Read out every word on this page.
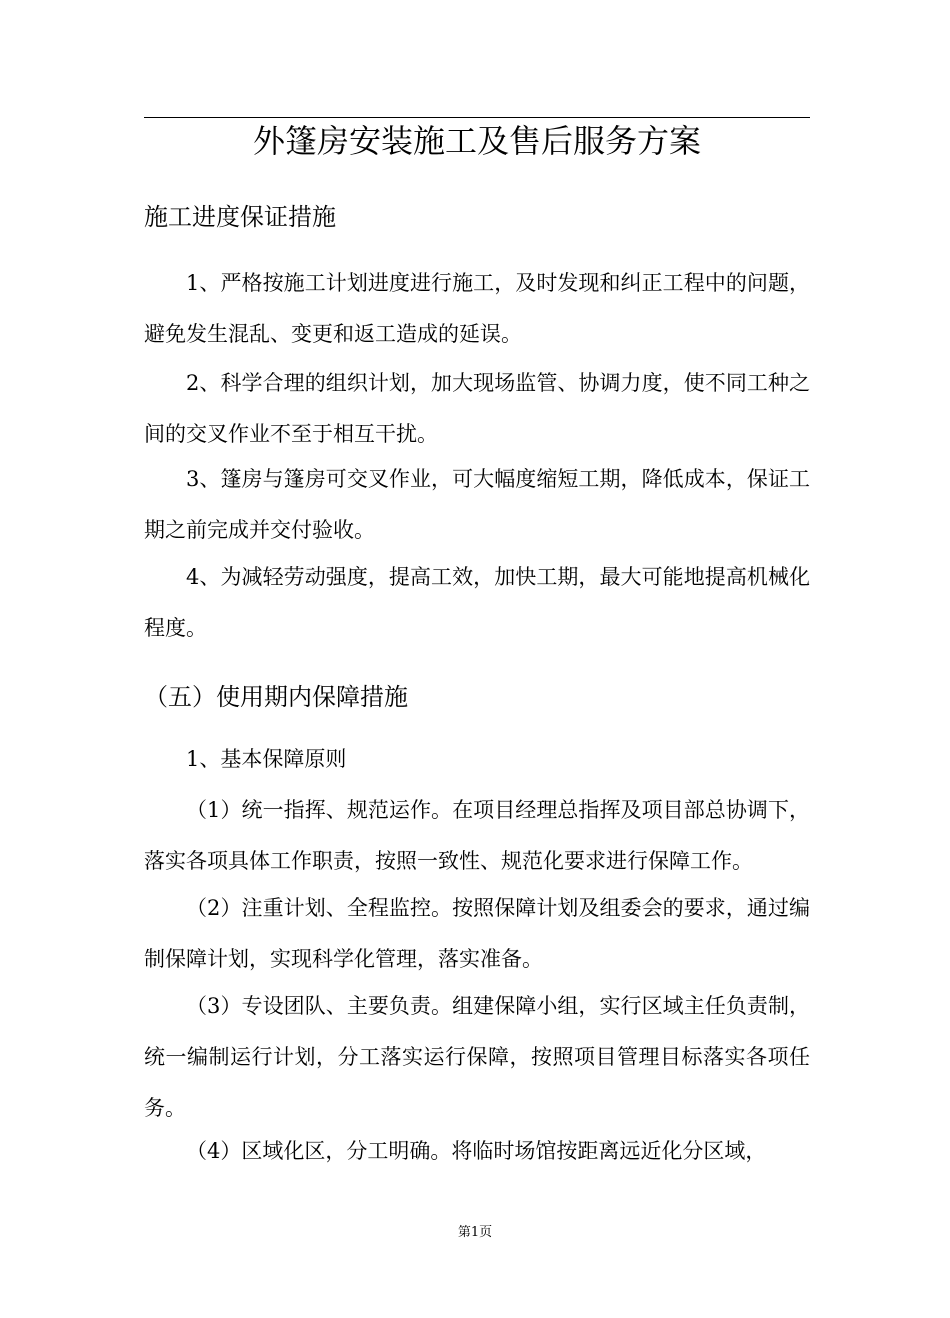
外篷房安装施工及售后服务方案
施工进度保证措施

1、严格按施工计划进度进行施工，及时发现和纠正工程中的问题，避免发生混乱、变更和返工造成的延误。

2、科学合理的组织计划，加大现场监管、协调力度，使不同工种之间的交叉作业不至于相互干扰。

3、篷房与篷房可交叉作业，可大幅度缩短工期，降低成本，保证工期之前完成并交付验收。

4、为减轻劳动强度，提高工效，加快工期，最大可能地提高机械化程度。

（五）使用期内保障措施

1、基本保障原则

（1）统一指挥、规范运作。在项目经理总指挥及项目部总协调下，落实各项具体工作职责，按照一致性、规范化要求进行保障工作。

（2）注重计划、全程监控。按照保障计划及组委会的要求，通过编制保障计划，实现科学化管理，落实准备。

（3）专设团队、主要负责。组建保障小组，实行区域主任负责制，统一编制运行计划，分工落实运行保障，按照项目管理目标落实各项任务。

（4）区域化区，分工明确。将临时场馆按距离远近化分区域，

第1页
